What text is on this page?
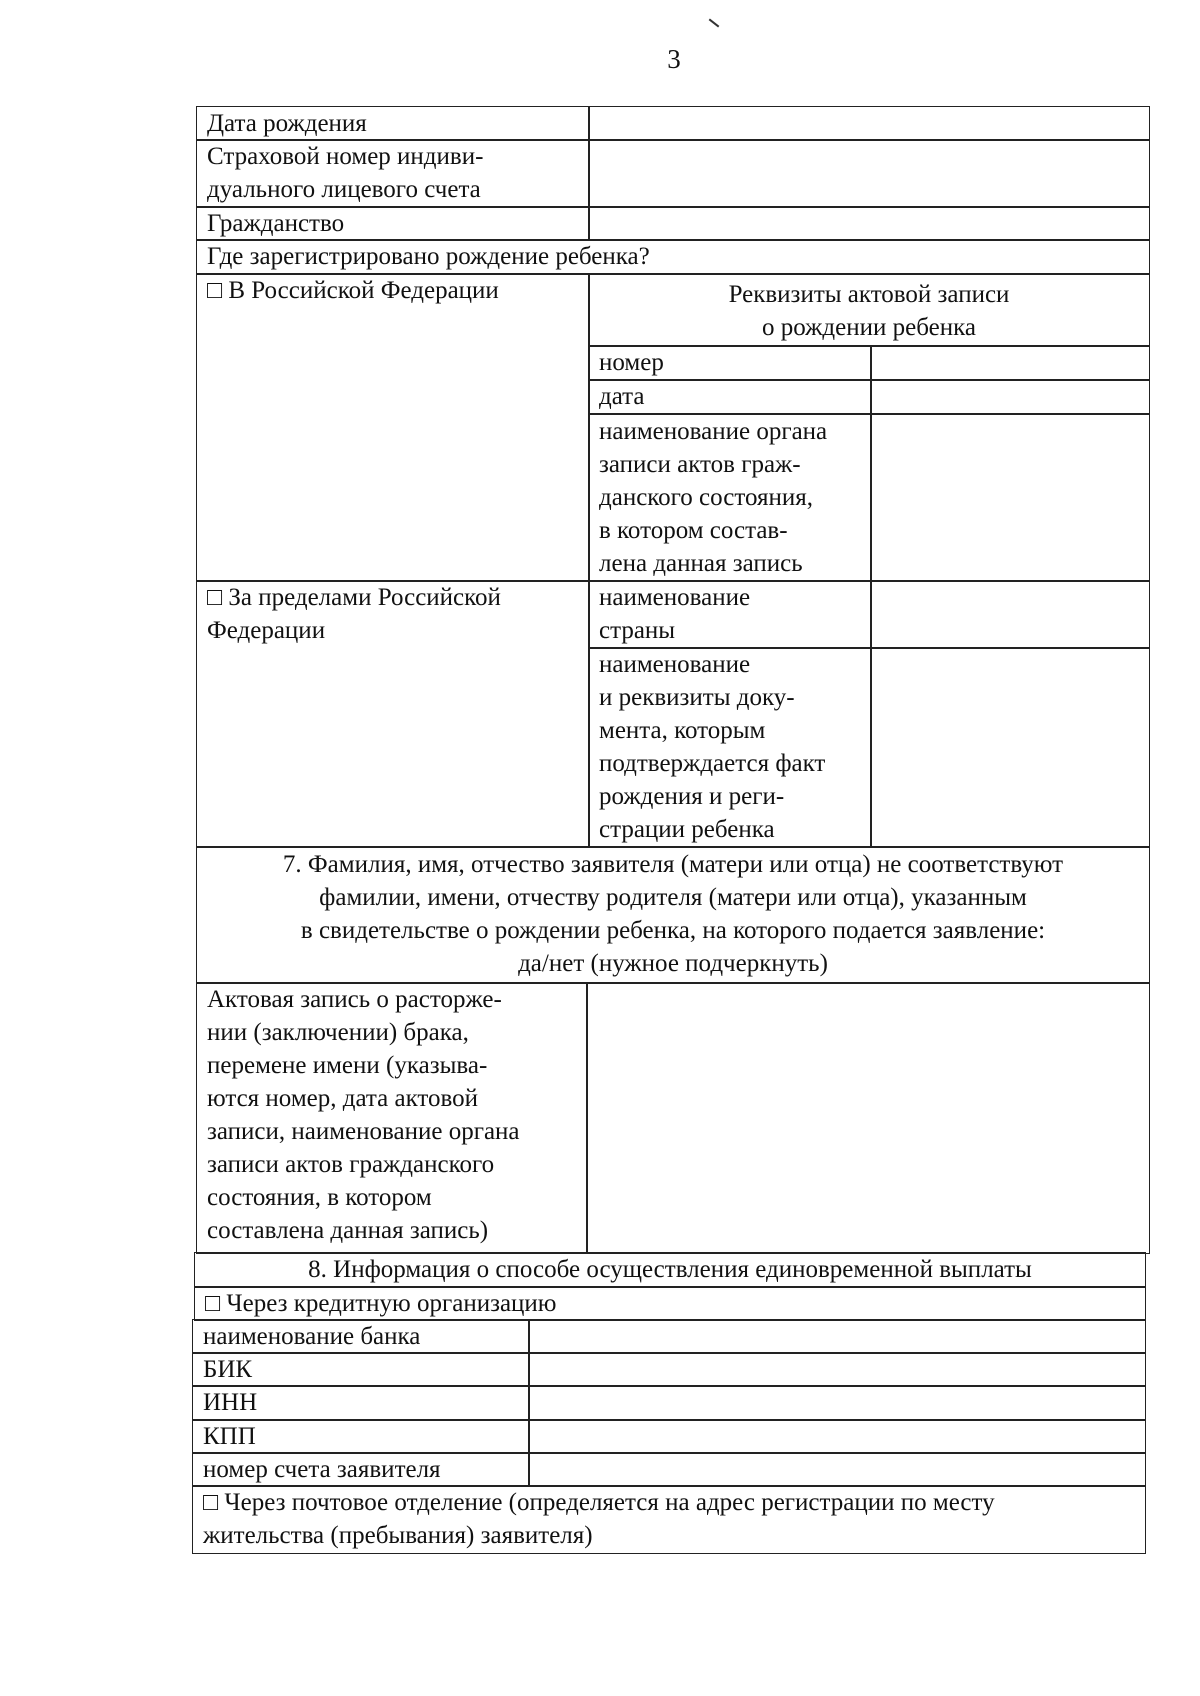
3
Дата рождения
Страховой номер индиви-
дуального лицевого счета
Гражданство
Где зарегистрировано рождение ребенка?
□ В Российской Федерации	Реквизиты актовой записи
о рождении ребенка
номер
дата
наименование органа
записи актов граж-
данского состояния,
в котором состав-
лена данная запись
□ За пределами Российской
Федерации
наименование
страны
наименование
и реквизиты доку-
мента, которым
подтверждается факт
рождения и реги-
страции ребенка
7. Фамилия, имя, отчество заявителя (матери или отца) не соответствуют
фамилии, имени, отчеству родителя (матери или отца), указанным
в свидетельстве о рождении ребенка, на которого подается заявление:
да/нет (нужное подчеркнуть)
Актовая запись о расторже-
нии (заключении) брака,
перемене имени (указыва-
ются номер, дата актовой
записи, наименование органа
записи актов гражданского
состояния, в котором
составлена данная запись)
8. Информация о способе осуществления единовременной выплаты
□ Через кредитную организацию
наименование банка
БИК
ИНН
КПП
номер счета заявителя
□ Через почтовое отделение (определяется на адрес регистрации по месту
жительства (пребывания) заявителя)
